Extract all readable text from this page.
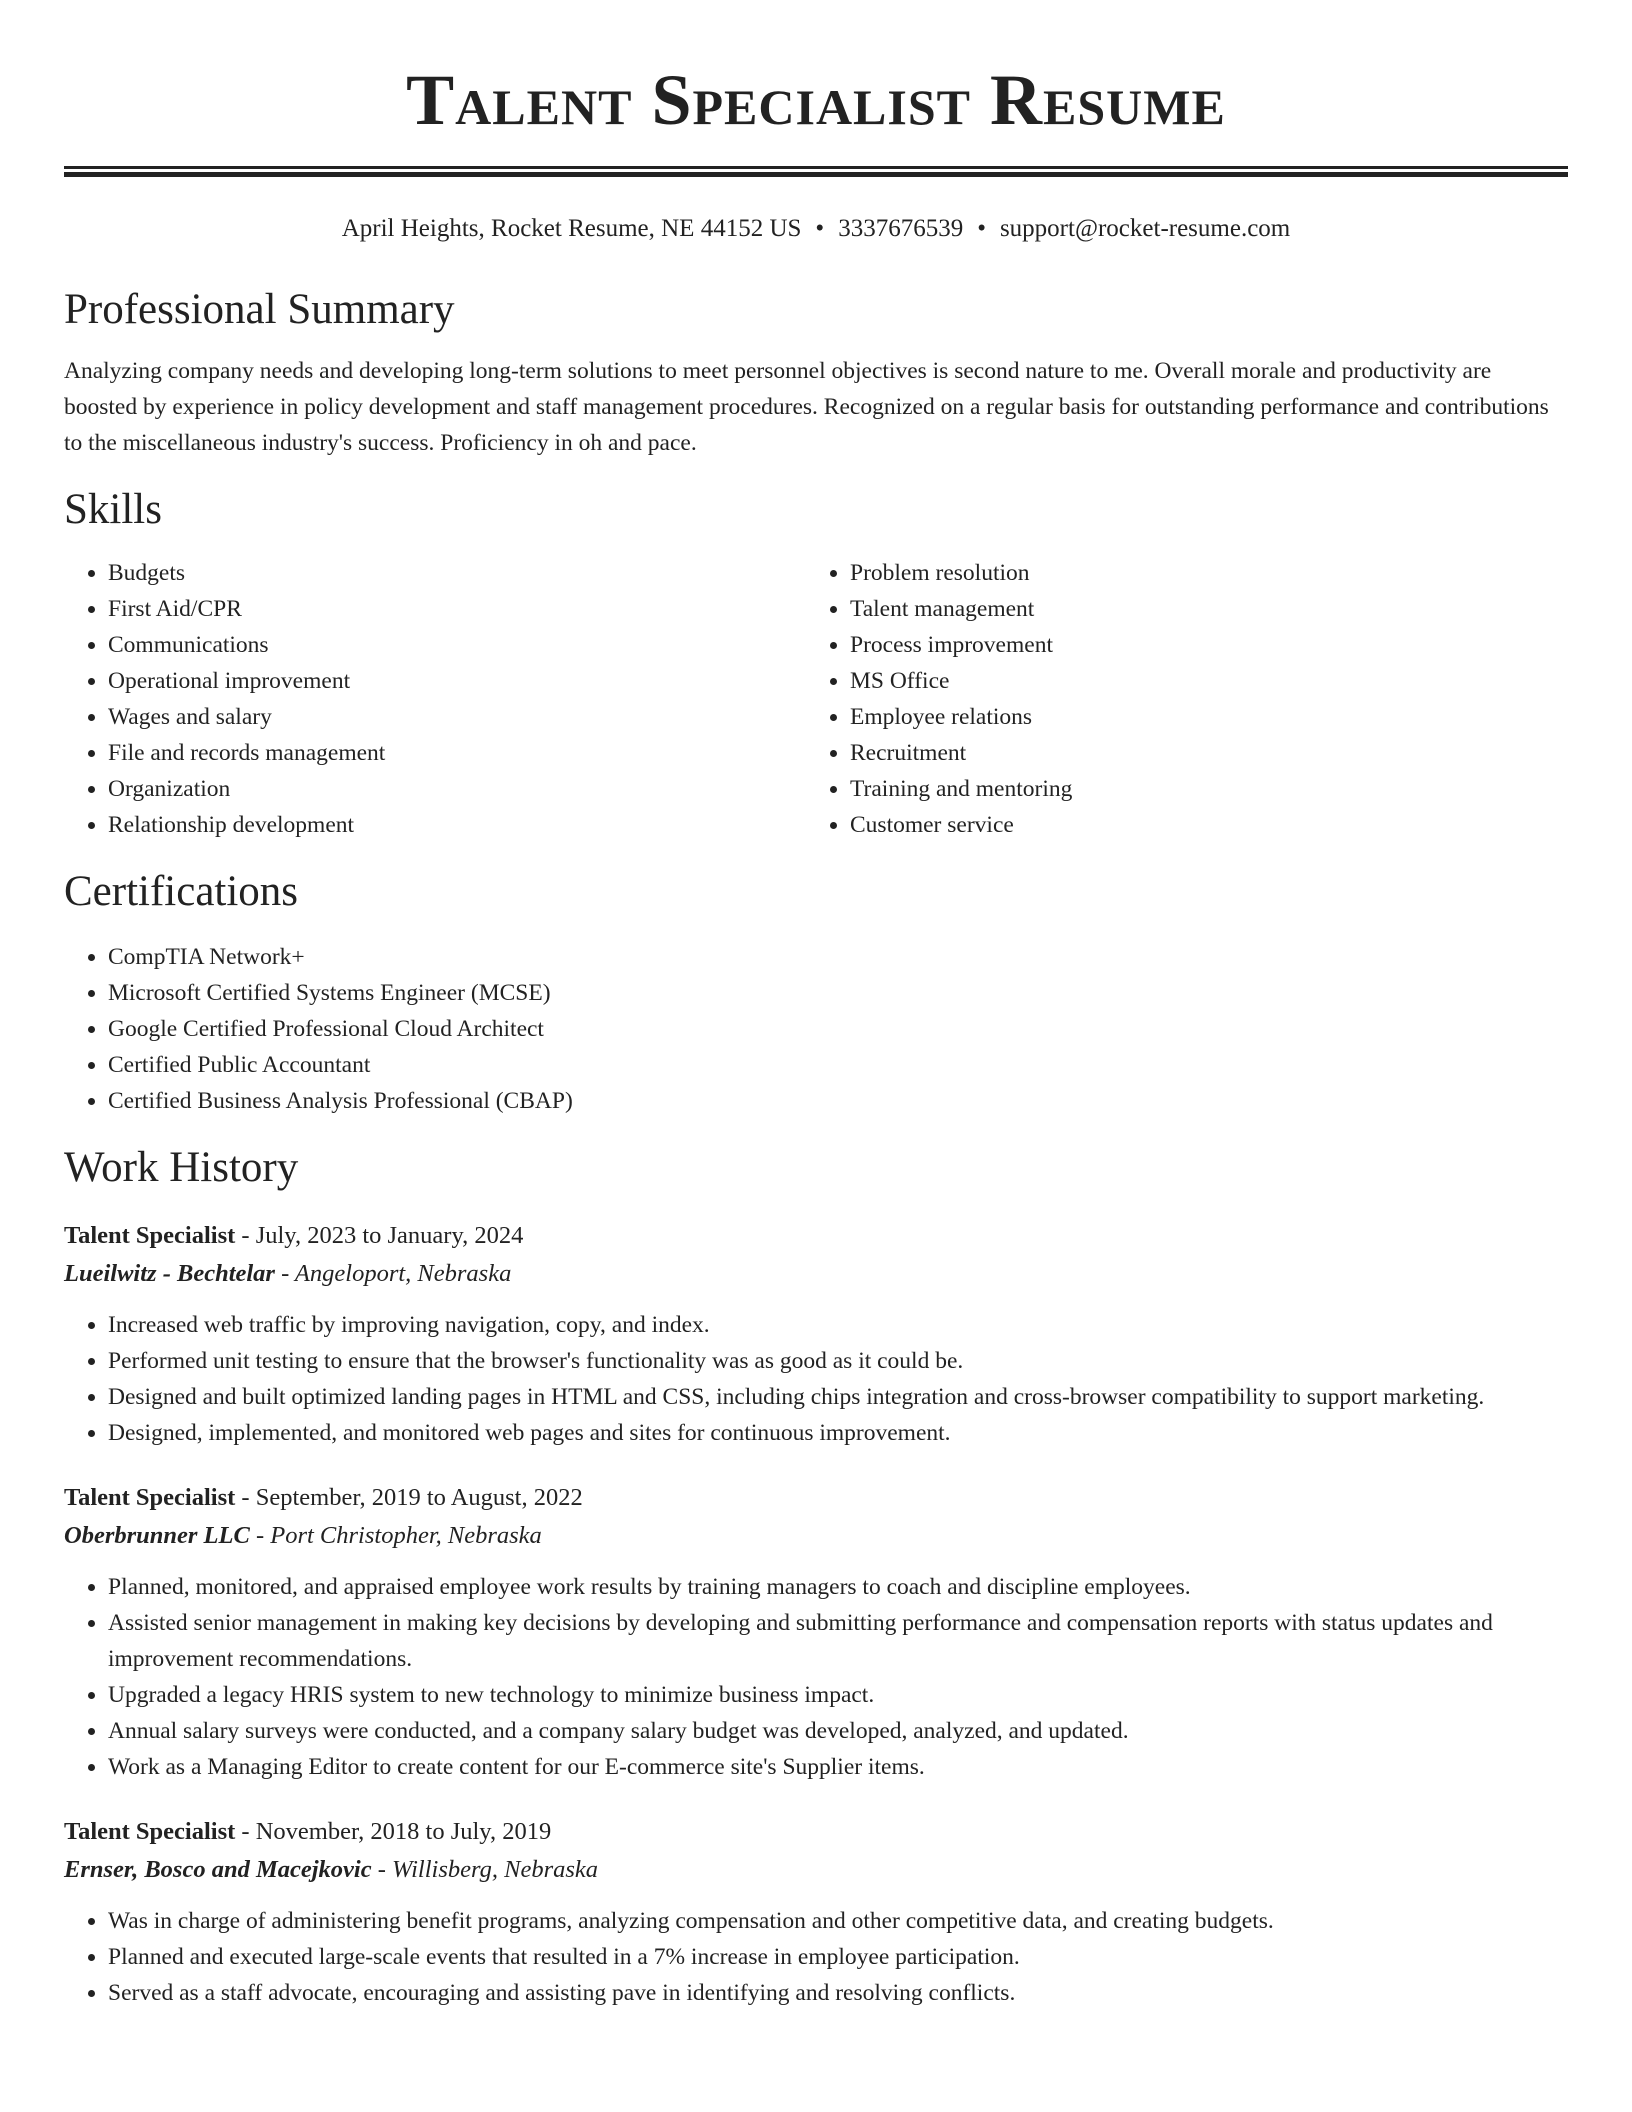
Talent Specialist Resume
April Heights, Rocket Resume, NE 44152 US • 3337676539 • support@rocket-resume.com
Professional Summary

Analyzing company needs and developing long-term solutions to meet personnel objectives is second nature to me. Overall morale and productivity are boosted by experience in policy development and staff management procedures. Recognized on a regular basis for outstanding performance and contributions to the miscellaneous industry's success. Proficiency in oh and pace.

Skills
• Budgets
• First Aid/CPR
• Communications
• Operational improvement
• Wages and salary
• File and records management
• Organization
• Relationship development
• Problem resolution
• Talent management
• Process improvement
• MS Office
• Employee relations
• Recruitment
• Training and mentoring
• Customer service
Certifications
• CompTIA Network+
• Microsoft Certified Systems Engineer (MCSE)
• Google Certified Professional Cloud Architect
• Certified Public Accountant
• Certified Business Analysis Professional (CBAP)
Work History
Talent Specialist - July, 2023 to January, 2024
Lueilwitz - Bechtelar - Angeloport, Nebraska
• Increased web traffic by improving navigation, copy, and index.
• Performed unit testing to ensure that the browser's functionality was as good as it could be.
• Designed and built optimized landing pages in HTML and CSS, including chips integration and cross-browser compatibility to support marketing.
• Designed, implemented, and monitored web pages and sites for continuous improvement.
Talent Specialist - September, 2019 to August, 2022
Oberbrunner LLC - Port Christopher, Nebraska
• Planned, monitored, and appraised employee work results by training managers to coach and discipline employees.
• Assisted senior management in making key decisions by developing and submitting performance and compensation reports with status updates and improvement recommendations.
• Upgraded a legacy HRIS system to new technology to minimize business impact.
• Annual salary surveys were conducted, and a company salary budget was developed, analyzed, and updated.
• Work as a Managing Editor to create content for our E-commerce site's Supplier items.
Talent Specialist - November, 2018 to July, 2019
Ernser, Bosco and Macejkovic - Willisberg, Nebraska
• Was in charge of administering benefit programs, analyzing compensation and other competitive data, and creating budgets.
• Planned and executed large-scale events that resulted in a 7% increase in employee participation.
• Served as a staff advocate, encouraging and assisting pave in identifying and resolving conflicts.
